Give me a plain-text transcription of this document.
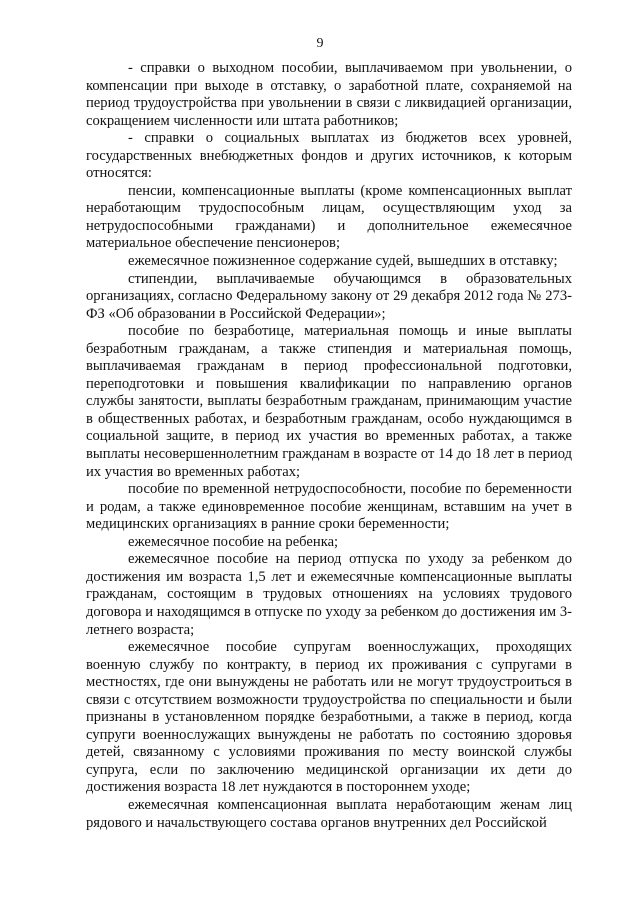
9

- справки о выходном пособии, выплачиваемом при увольнении, о компенсации при выходе в отставку, о заработной плате, сохраняемой на период трудоустройства при увольнении в связи с ликвидацией организации, сокращением численности или штата работников;

- справки о социальных выплатах из бюджетов всех уровней, государственных внебюджетных фондов и других источников, к которым относятся:

пенсии, компенсационные выплаты (кроме компенсационных выплат неработающим трудоспособным лицам, осуществляющим уход за нетрудоспособными гражданами) и дополнительное ежемесячное материальное обеспечение пенсионеров;

ежемесячное пожизненное содержание судей, вышедших в отставку;

стипендии, выплачиваемые обучающимся в образовательных организациях, согласно Федеральному закону от 29 декабря 2012 года № 273-ФЗ «Об образовании в Российской Федерации»;

пособие по безработице, материальная помощь и иные выплаты безработным гражданам, а также стипендия и материальная помощь, выплачиваемая гражданам в период профессиональной подготовки, переподготовки и повышения квалификации по направлению органов службы занятости, выплаты безработным гражданам, принимающим участие в общественных работах, и безработным гражданам, особо нуждающимся в социальной защите, в период их участия во временных работах, а также выплаты несовершеннолетним гражданам в возрасте от 14 до 18 лет в период их участия во временных работах;

пособие по временной нетрудоспособности, пособие по беременности и родам, а также единовременное пособие женщинам, вставшим на учет в медицинских организациях в ранние сроки беременности;

ежемесячное пособие на ребенка;

ежемесячное пособие на период отпуска по уходу за ребенком до достижения им возраста 1,5 лет и ежемесячные компенсационные выплаты гражданам, состоящим в трудовых отношениях на условиях трудового договора и находящимся в отпуске по уходу за ребенком до достижения им 3-летнего возраста;

ежемесячное пособие супругам военнослужащих, проходящих военную службу по контракту, в период их проживания с супругами в местностях, где они вынуждены не работать или не могут трудоустроиться в связи с отсутствием возможности трудоустройства по специальности и были признаны в установленном порядке безработными, а также в период, когда супруги военнослужащих вынуждены не работать по состоянию здоровья детей, связанному с условиями проживания по месту воинской службы супруга, если по заключению медицинской организации их дети до достижения возраста 18 лет нуждаются в постороннем уходе;

ежемесячная компенсационная выплата неработающим женам лиц рядового и начальствующего состава органов внутренних дел Российской
